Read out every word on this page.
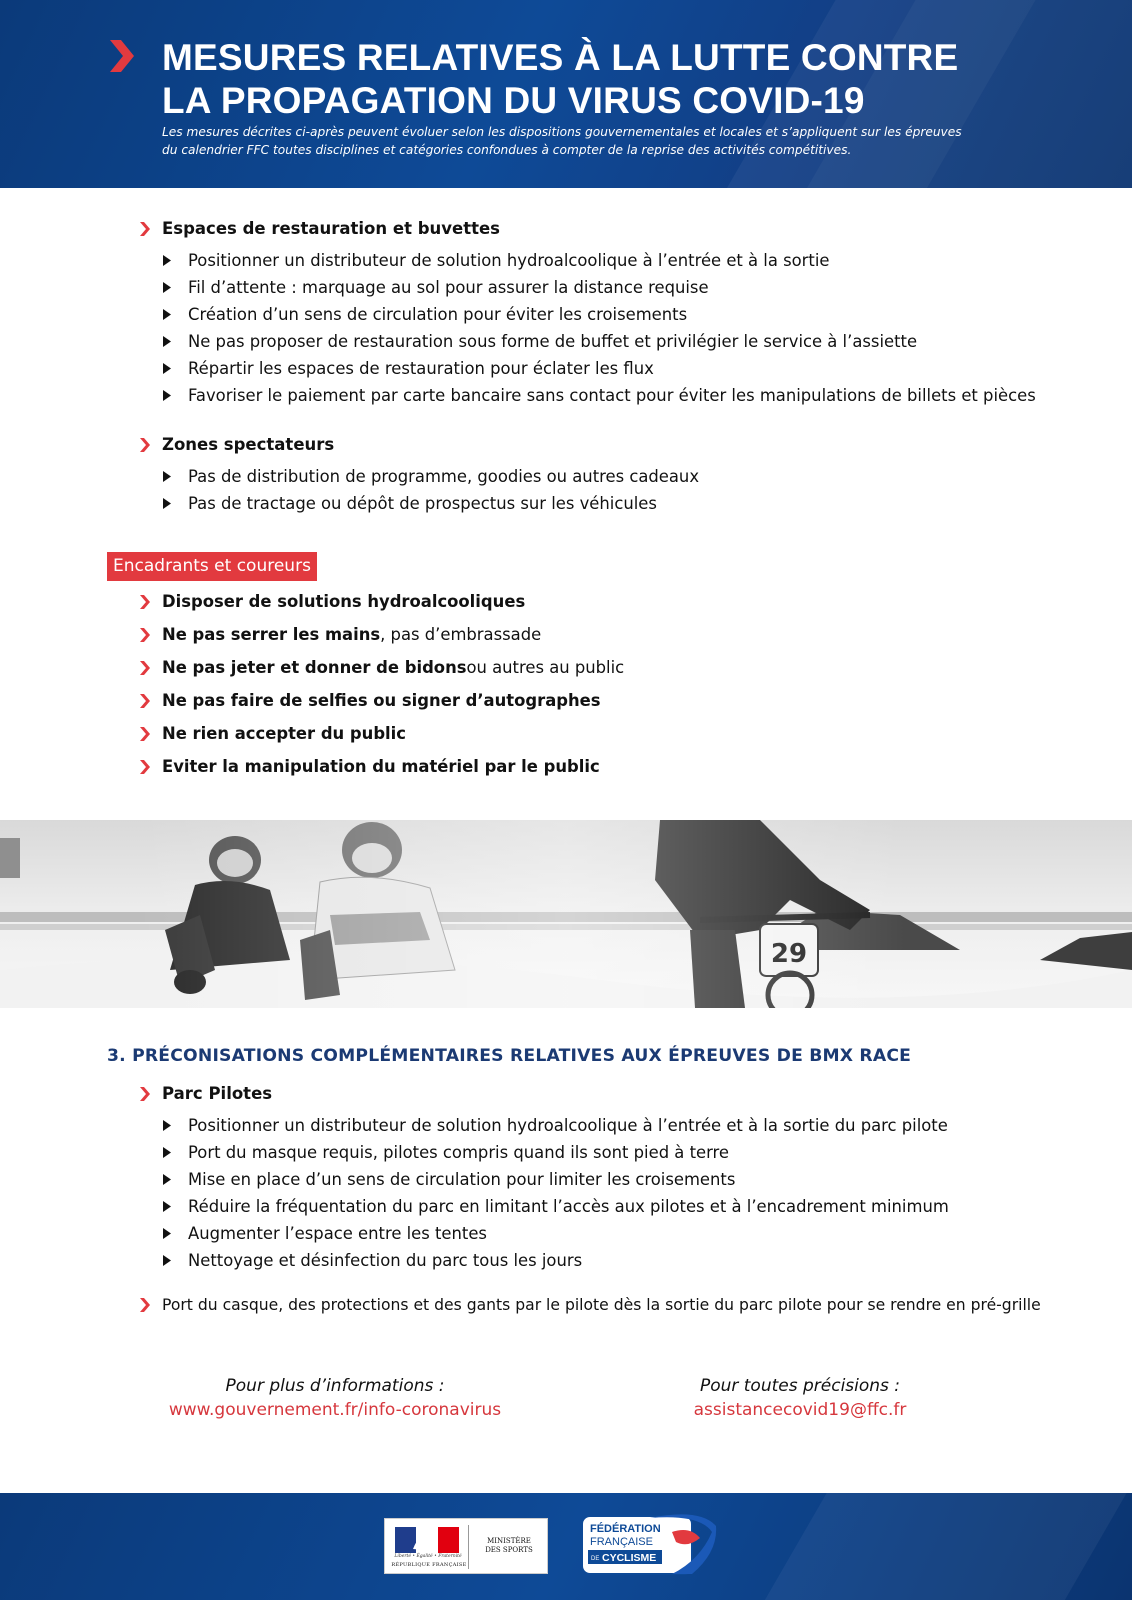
MESURES RELATIVES À LA LUTTE CONTRE
LA PROPAGATION DU VIRUS COVID-19
Les mesures décrites ci-après peuvent évoluer selon les dispositions gouvernementales et locales et s’appliquent sur les épreuves
du calendrier FFC toutes disciplines et catégories confondues à compter de la reprise des activités compétitives.
Espaces de restauration et buvettes
Positionner un distributeur de solution hydroalcoolique à l’entrée et à la sortie
Fil d’attente : marquage au sol pour assurer la distance requise
Création d’un sens de circulation pour éviter les croisements
Ne pas proposer de restauration sous forme de buffet et privilégier le service à l’assiette
Répartir les espaces de restauration pour éclater les flux
Favoriser le paiement par carte bancaire sans contact pour éviter les manipulations de billets et pièces
Zones spectateurs
Pas de distribution de programme, goodies ou autres cadeaux
Pas de tractage ou dépôt de prospectus sur les véhicules
Encadrants et coureurs
Disposer de solutions hydroalcooliques
Ne pas serrer les mains , pas d’embrassade
Ne pas jeter et donner de bidons ou autres au public
Ne pas faire de selfies ou signer d’autographes
Ne rien accepter du public
Eviter la manipulation du matériel par le public
3. PRÉCONISATIONS COMPLÉMENTAIRES RELATIVES AUX ÉPREUVES DE BMX RACE
Parc Pilotes
Positionner un distributeur de solution hydroalcoolique à l’entrée et à la sortie du parc pilote
Port du masque requis, pilotes compris quand ils sont pied à terre
Mise en place d’un sens de circulation pour limiter les croisements
Réduire la fréquentation du parc en limitant l’accès aux pilotes et à l’encadrement minimum
Augmenter l’espace entre les tentes
Nettoyage et désinfection du parc tous les jours
Port du casque, des protections et des gants par le pilote dès la sortie du parc pilote pour se rendre en pré-grille
Pour plus d’informations :
www.gouvernement.fr/info-coronavirus
Pour toutes précisions :
assistancecovid19@ffc.fr
Liberté • Égalité • Fraternité
RÉPUBLIQUE FRANÇAISE
MINISTÈRE
DES SPORTS
FÉDÉRATION
FRANÇAISE
DE CYCLISME
